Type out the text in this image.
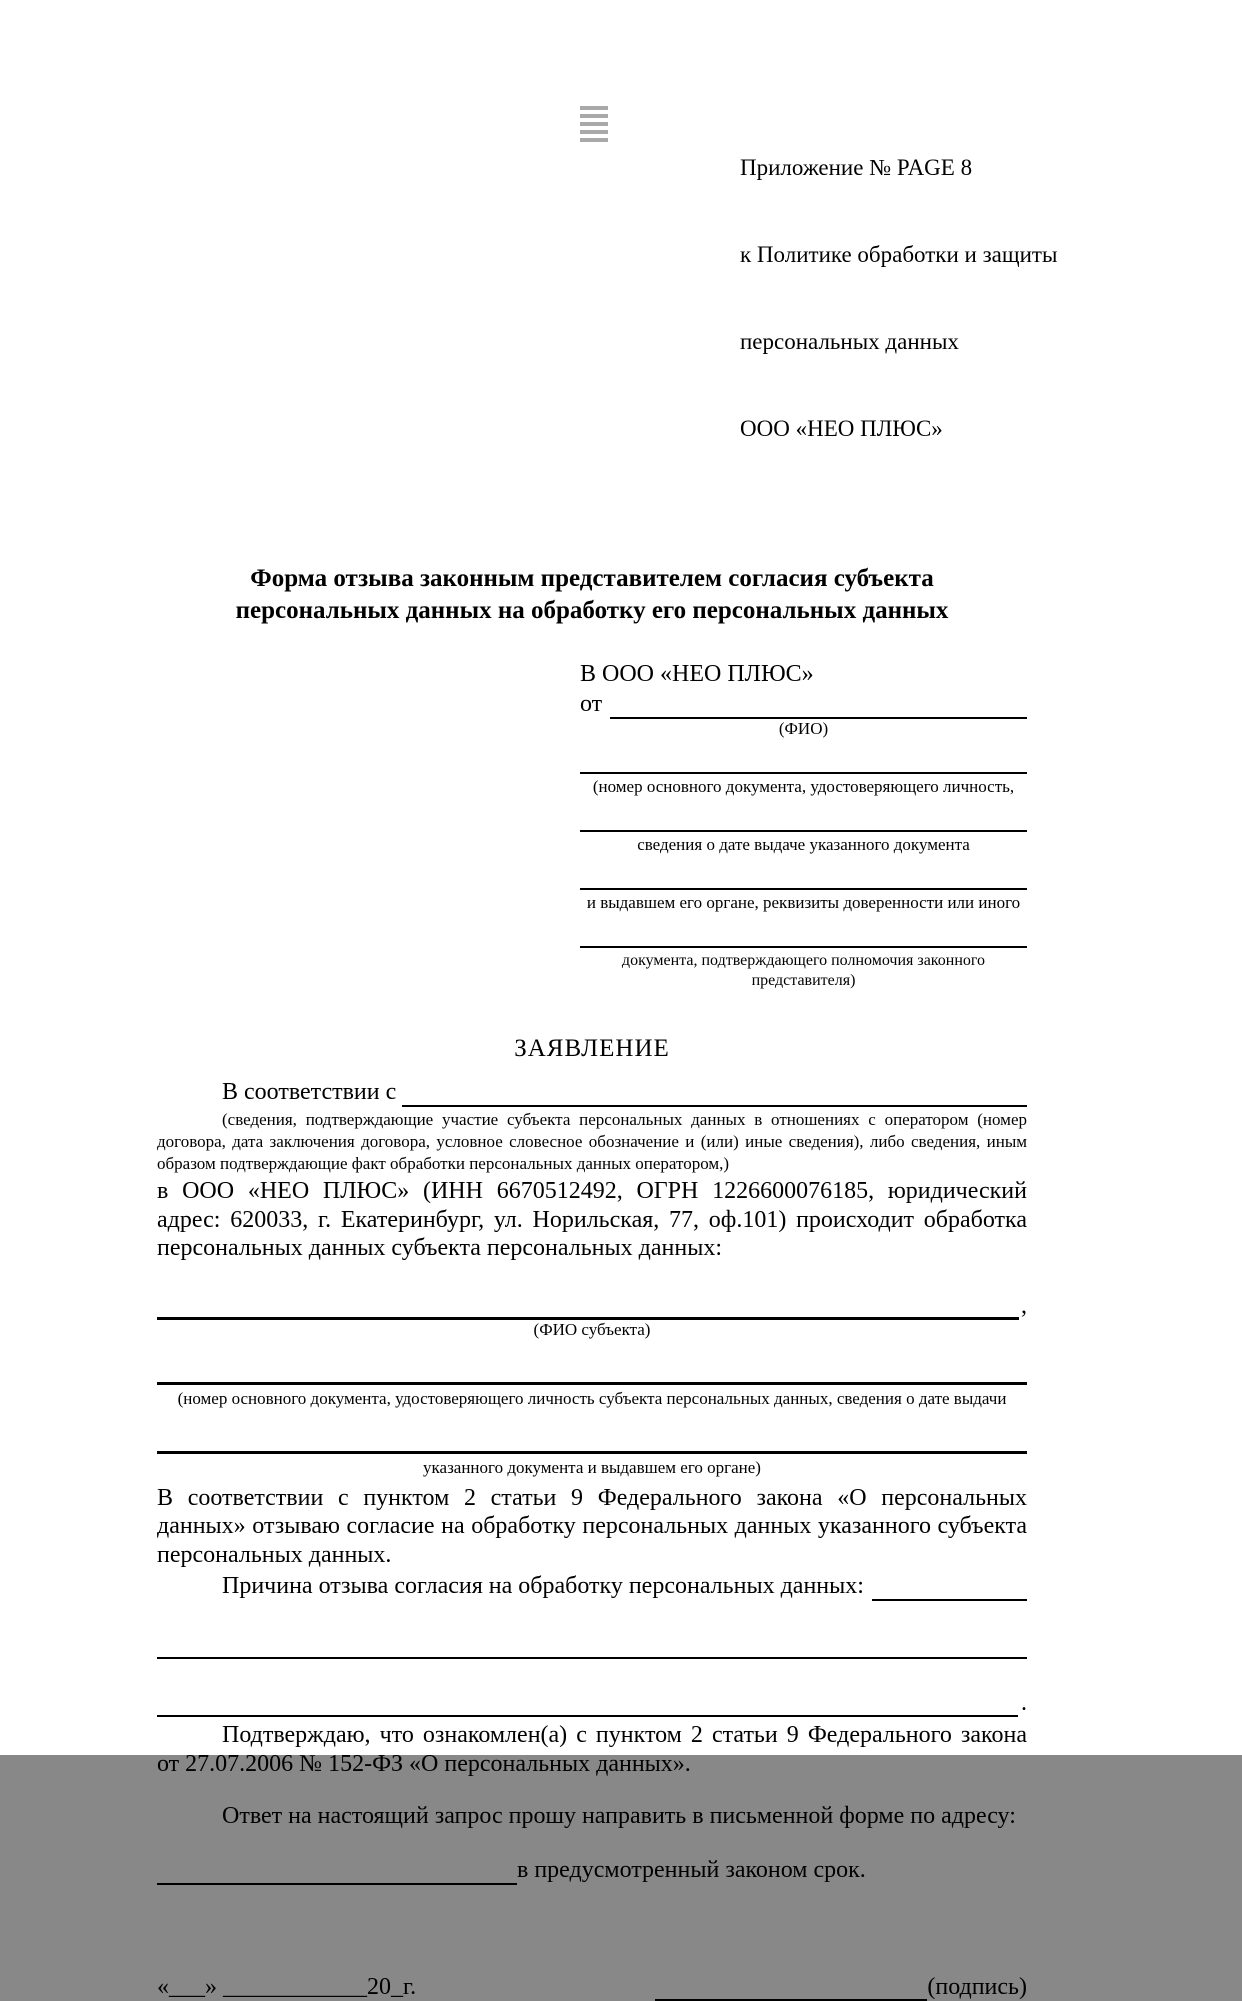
Приложение № PAGE 8

к Политике обработки и защиты

персональных данных

ООО «НЕО ПЛЮС»

Форма отзыва законным представителем согласия субъекта персональных данных на обработку его персональных данных
В ООО «НЕО ПЛЮС»
от
(ФИО)
(номер основного документа, удостоверяющего личность,
сведения о дате выдаче указанного документа
и выдавшем его органе, реквизиты доверенности или иного
документа, подтверждающего полномочия законного представителя)
ЗАЯВЛЕНИЕ
В соответствии с

(сведения, подтверждающие участие субъекта персональных данных в отношениях с оператором (номер договора, дата заключения договора, условное словесное обозначение и (или) иные сведения), либо сведения, иным образом подтверждающие факт обработки персональных данных оператором,)

в ООО «НЕО ПЛЮС» (ИНН 6670512492, ОГРН 1226600076185, юридический адрес: 620033, г. Екатеринбург, ул. Норильская, 77, оф.101) происходит обработка персональных данных субъекта персональных данных:

,
(ФИО субъекта)
(номер основного документа, удостоверяющего личность субъекта персональных данных, сведения о дате выдачи
указанного документа и выдавшем его органе)

В соответствии с пунктом 2 статьи 9 Федерального закона «О персональных данных» отзываю согласие на обработку персональных данных указанного субъекта персональных данных.

Причина отзыва согласия на обработку персональных данных:
.

Подтверждаю, что ознакомлен(а) с пунктом 2 статьи 9 Федерального закона от 27.07.2006 № 152-ФЗ «О персональных данных».

Ответ на настоящий запрос прошу направить в письменной форме по адресу:

в предусмотренный законом срок.
«___» ____________20_г.	(подпись)
